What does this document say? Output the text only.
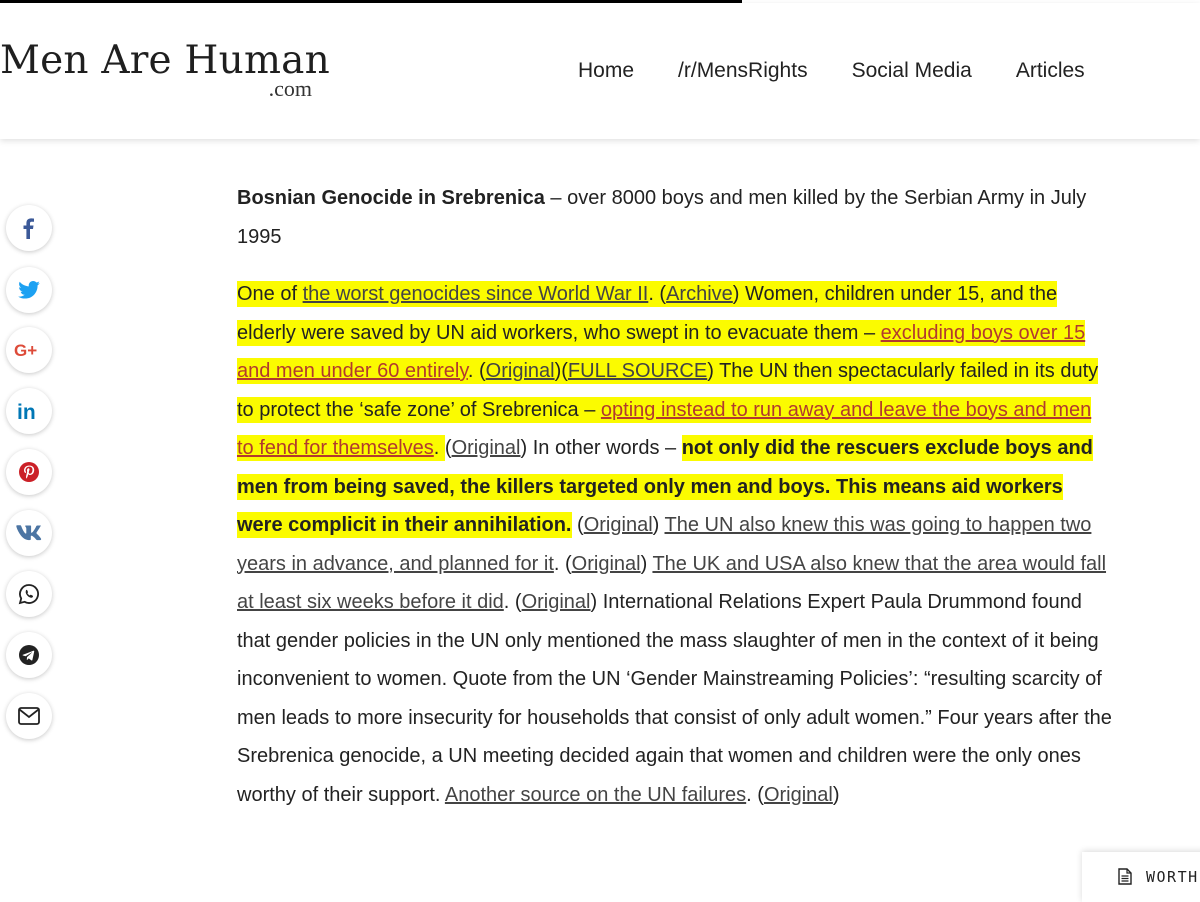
Men Are Human
.com
Home /r/MensRights Social Media Articles
G+
in

Bosnian Genocide in Srebrenica – over 8000 boys and men killed by the Serbian Army in July 1995

One of the worst genocides since World War II. (Archive) Women, children under 15, and the elderly were saved by UN aid workers, who swept in to evacuate them – excluding boys over 15 and men under 60 entirely. (Original)(FULL SOURCE) The UN then spectacularly failed in its duty to protect the ‘safe zone’ of Srebrenica – opting instead to run away and leave the boys and men to fend for themselves. (Original) In other words – not only did the rescuers exclude boys and men from being saved, the killers targeted only men and boys. This means aid workers were complicit in their annihilation. (Original) The UN also knew this was going to happen two years in advance, and planned for it. (Original) The UK and USA also knew that the area would fall at least six weeks before it did. (Original) International Relations Expert Paula Drummond found that gender policies in the UN only mentioned the mass slaughter of men in the context of it being inconvenient to women. Quote from the UN ‘Gender Mainstreaming Policies’: “resulting scarcity of men leads to more insecurity for households that consist of only adult women.” Four years after the Srebrenica genocide, a UN meeting decided again that women and children were the only ones worthy of their support. Another source on the UN failures. (Original)

WORTH
